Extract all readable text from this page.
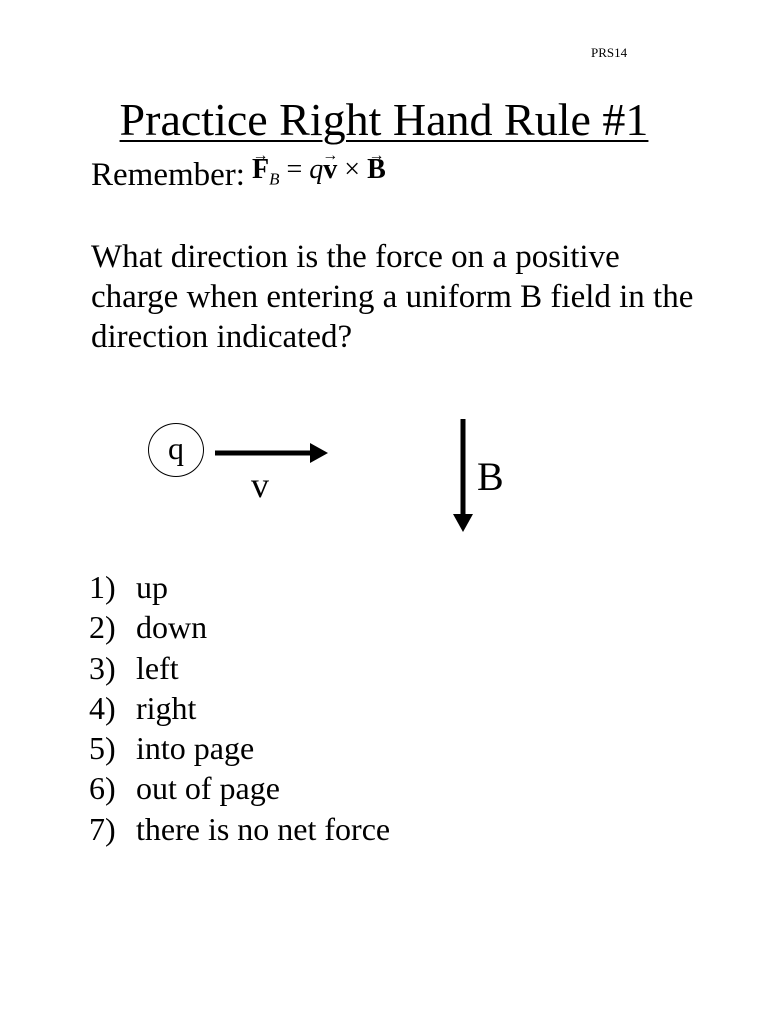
PRS14
Practice Right Hand Rule #1
Remember: → $F_B = q\to v$ × → B
What direction is the force on a positive charge when entering a uniform B field in the direction indicated?
q
v	B
1) up
2) down
3) left
4) right
5) into page
6) out of page
7) there is no net force
